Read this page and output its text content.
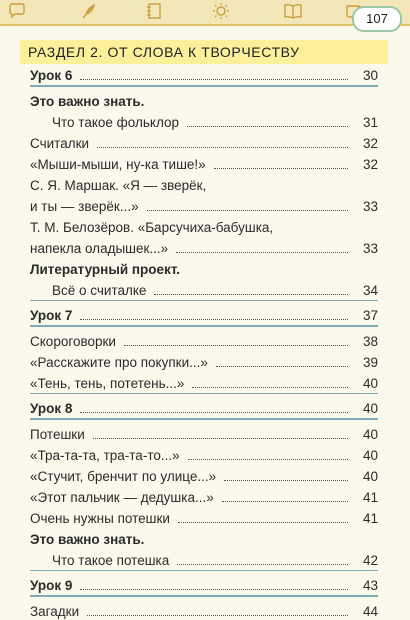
107
РАЗДЕЛ 2. ОТ СЛОВА К ТВОРЧЕСТВУ
Урок 6	30
Это важно знать.
Что такое фольклор	31
Считалки	32
«Мыши-мыши, ну-ка тише!»	32
С. Я. Маршак. «Я — зверёк,
и ты — зверёк...»	33
Т. М. Белозёров. «Барсучиха-бабушка,
напекла оладышек...»	33
Литературный проект.
Всё о считалке	34
Урок 7	37
Скороговорки	38
«Расскажите про покупки...»	39
«Тень, тень, потетень...»	40
Урок 8	40
Потешки	40
«Тра-та-та, тра-та-то...»	40
«Стучит, бренчит по улице...»	40
«Этот пальчик — дедушка...»	41
Очень нужны потешки	41
Это важно знать.
Что такое потешка	42
Урок 9	43
Загадки	44
